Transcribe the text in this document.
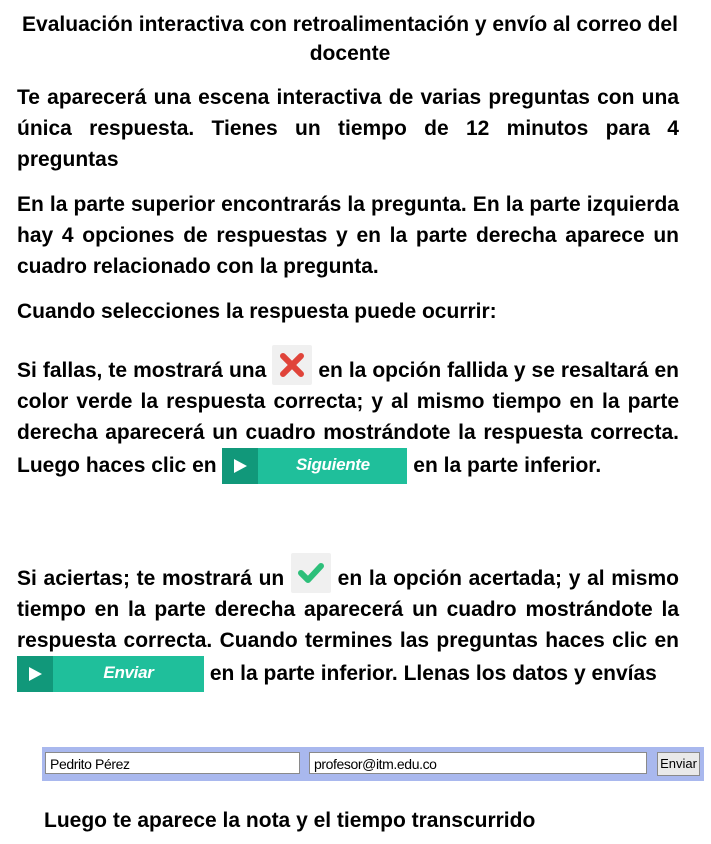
Evaluación interactiva con retroalimentación y envío al correo del docente
Te aparecerá una escena interactiva de varias preguntas con una única respuesta. Tienes un tiempo de 12 minutos para 4 preguntas
En la parte superior encontrarás la pregunta. En la parte izquierda hay 4 opciones de respuestas y en la parte derecha aparece un cuadro relacionado con la pregunta.
Cuando selecciones la respuesta puede ocurrir:
Si fallas, te mostrará una en la opción fallida y se resaltará en color verde la respuesta correcta; y al mismo tiempo en la parte derecha aparecerá un cuadro mostrándote la respuesta correcta. Luego haces clic en	Siguiente	en la parte inferior.
Si aciertas; te mostrará un	en la opción acertada; y al mismo tiempo en la parte derecha aparecerá un cuadro mostrándote la respuesta correcta. Cuando termines las preguntas haces clic en
Enviar	en la parte inferior. Llenas los datos y envías
Pedrito Pérez	profesor@itm.edu.co	Enviar
Luego te aparece la nota y el tiempo transcurrido
